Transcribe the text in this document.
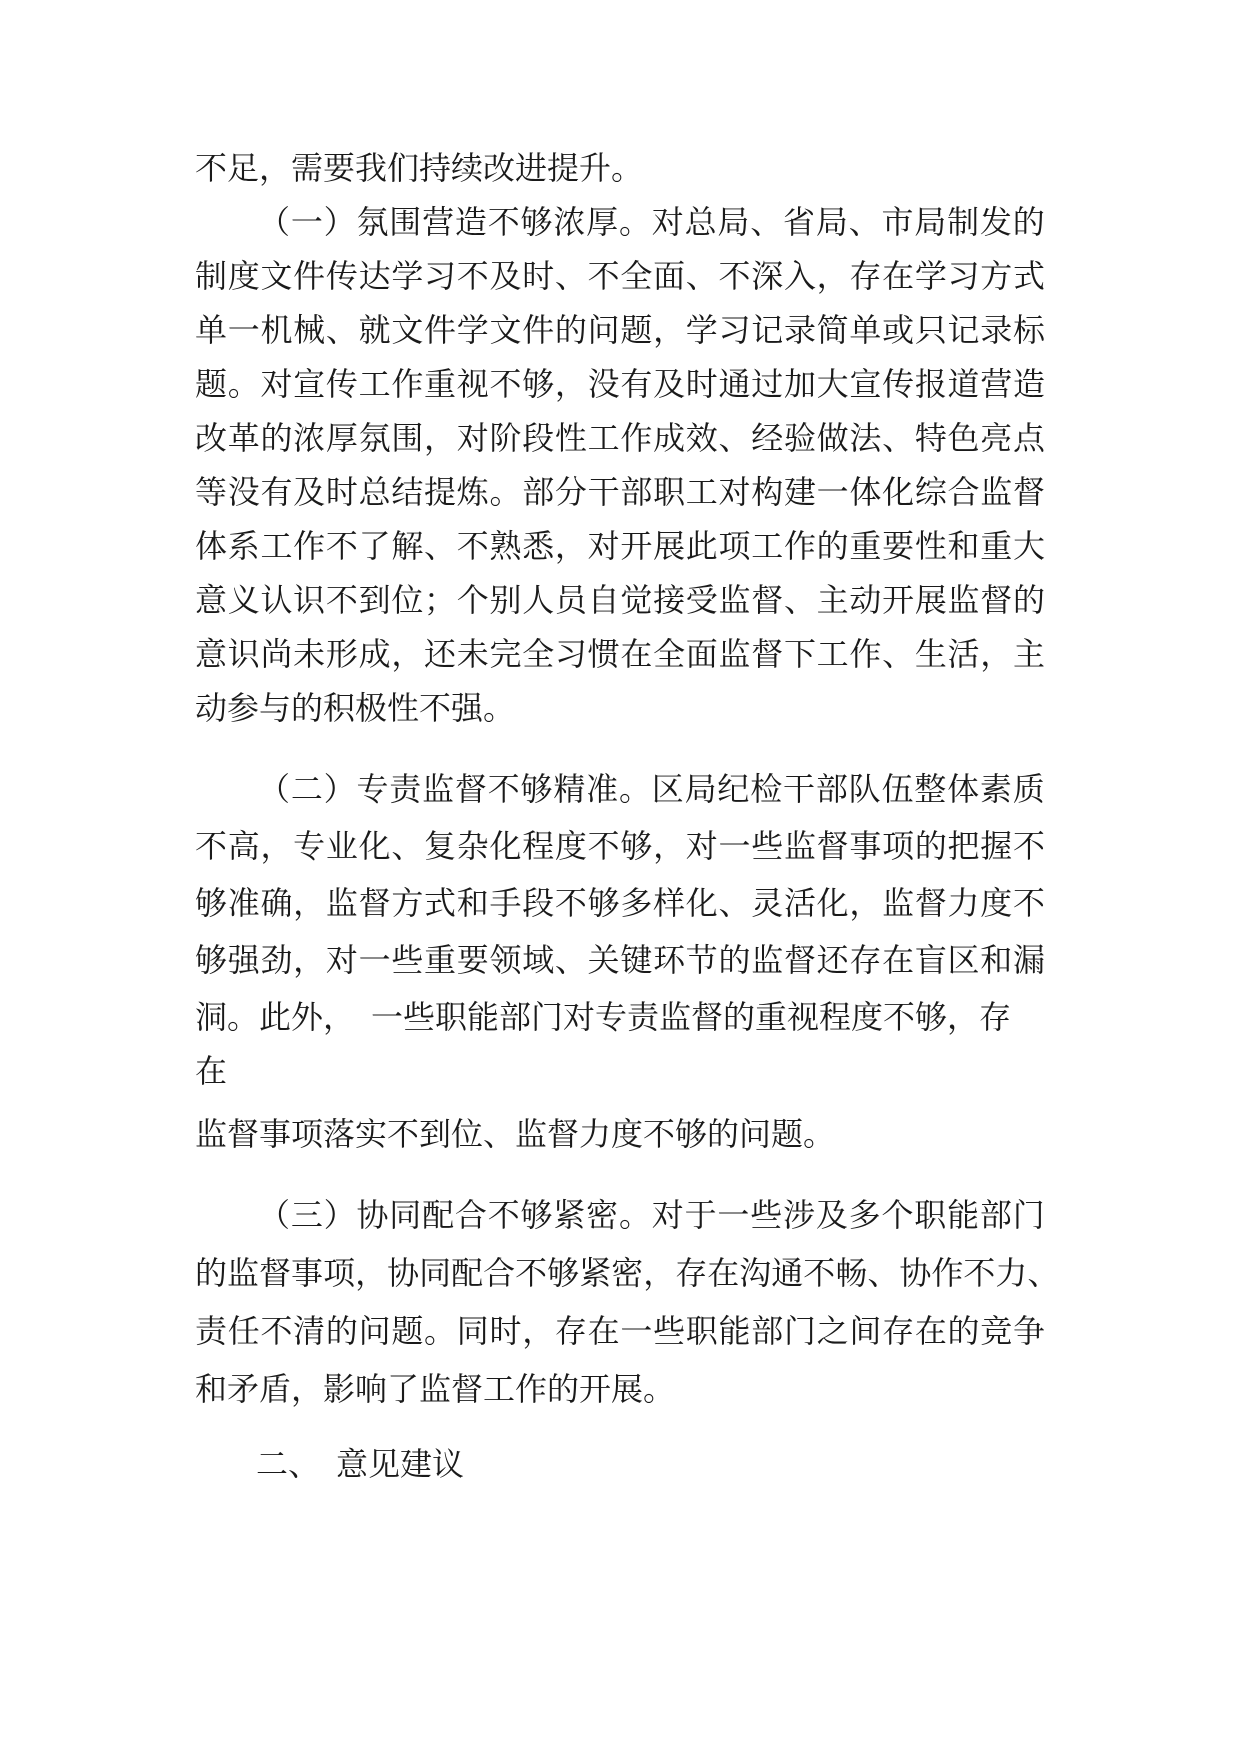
不足，需要我们持续改进提升。
（ 一 ） 氛 围 营 造 不 够 浓 厚 。 对 总 局 、 省 局 、 市 局 制 发 的
制 度 文 件 传 达 学 习 不 及 时 、 不 全 面 、 不 深 入 ， 存 在 学 习 方 式
单 一 机 械 、 就 文 件 学 文 件 的 问 题 ， 学 习 记 录 简 单 或 只 记 录 标
题 。 对 宣 传 工 作 重 视 不 够 ， 没 有 及 时 通 过 加 大 宣 传 报 道 营 造
改 革 的 浓 厚 氛 围 ， 对 阶 段 性 工 作 成 效 、 经 验 做 法 、 特 色 亮 点
等 没 有 及 时 总 结 提 炼 。 部 分 干 部 职 工 对 构 建 一 体 化 综 合 监 督
体 系 工 作 不 了 解 、 不 熟 悉 ， 对 开 展 此 项 工 作 的 重 要 性 和 重 大
意 义 认 识 不 到 位 ； 个 别 人 员 自 觉 接 受 监 督 、 主 动 开 展 监 督 的
意 识 尚 未 形 成 ， 还 未 完 全 习 惯 在 全 面 监 督 下 工 作 、 生 活 ， 主
动参与的积极性不强。
（ 二 ） 专 责 监 督 不 够 精 准 。 区 局 纪 检 干 部 队 伍 整 体 素 质
不 高 ， 专 业 化 、 复 杂 化 程 度 不 够 ， 对 一 些 监 督 事 项 的 把 握 不
够 准 确 ， 监 督 方 式 和 手 段 不 够 多 样 化 、 灵 活 化 ， 监 督 力 度 不
够 强 劲 ， 对 一 些 重 要 领 域 、 关 键 环 节 的 监 督 还 存 在 盲 区 和 漏
洞。此外，　一些职能部门对专责监督的重视程度不够，存
在
监督事项落实不到位、监督力度不够的问题。
（ 三 ） 协 同 配 合 不 够 紧 密 。 对 于 一 些 涉 及 多 个 职 能 部 门
的 监 督 事 项 ， 协 同 配 合 不 够 紧 密 ， 存 在 沟 通 不 畅 、 协 作 不 力 、
责 任 不 清 的 问 题 。 同 时 ， 存 在 一 些 职 能 部 门 之 间 存 在 的 竞 争
和矛盾，影响了监督工作的开展。
二、　意见建议
